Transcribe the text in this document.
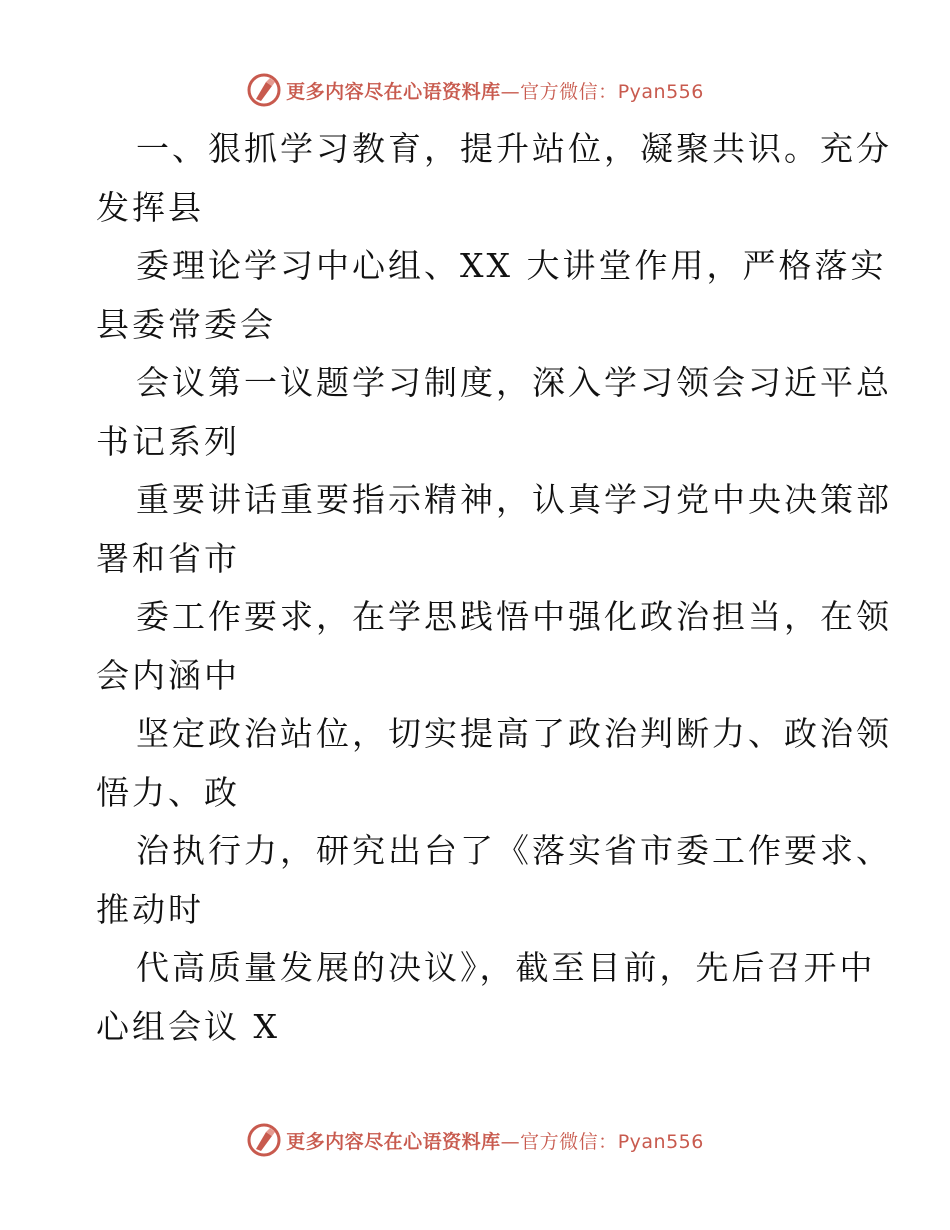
更多内容尽在心语资料库—官方微信：Pyan556
一、狠抓学习教育，提升站位，凝聚共识。充分
发挥县
委理论学习中心组、XX 大讲堂作用，严格落实
县委常委会
会议第一议题学习制度，深入学习领会习近平总
书记系列
重要讲话重要指示精神，认真学习党中央决策部
署和省市
委工作要求，在学思践悟中强化政治担当，在领
会内涵中
坚定政治站位，切实提高了政治判断力、政治领
悟力、政
治执行力，研究出台了《落实省市委工作要求、
推动时
代高质量发展的决议》，截至目前，先后召开中
心组会议 X
更多内容尽在心语资料库—官方微信：Pyan556
